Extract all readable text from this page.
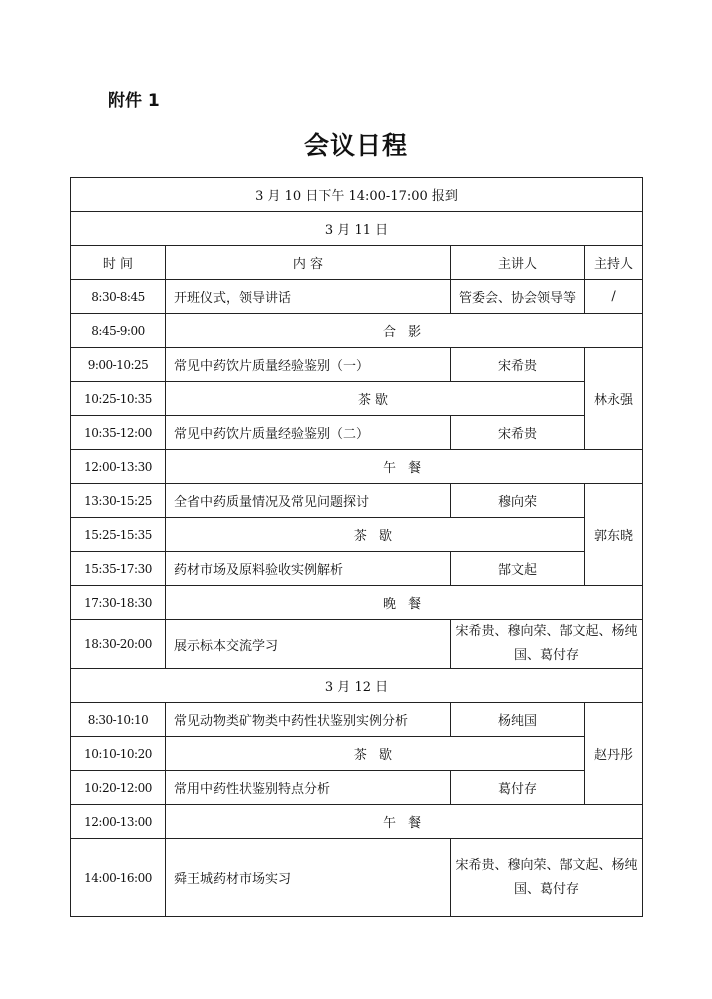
附件 1
会议日程
3 月 10 日下午 14:00-17:00 报到			
3 月 11 日			
时 间	内 容	主讲人	主持人
8:30-8:45	开班仪式，领导讲话	管委会、协会领导等	/
8:45-9:00	合 影		
9:00-10:25	常见中药饮片质量经验鉴别（一）	宋希贵	林永强
10:25-10:35	茶歇		
10:35-12:00	常见中药饮片质量经验鉴别（二）	宋希贵	
12:00-13:30	午 餐		
13:30-15:25	全省中药质量情况及常见问题探讨	穆向荣	郭东晓
15:25-15:35	茶 歇		
15:35-17:30	药材市场及原料验收实例解析	郜文起	
17:30-18:30	晚 餐		
18:30-20:00	展示标本交流学习	宋希贵、穆向荣、郜文起、杨纯国、葛付存	
3 月 12 日			
8:30-10:10	常见动物类矿物类中药性状鉴别实例分析	杨纯国	赵丹彤
10:10-10:20	茶 歇		
10:20-12:00	常用中药性状鉴别特点分析	葛付存	
12:00-13:00	午 餐		
14:00-16:00	舜王城药材市场实习	宋希贵、穆向荣、郜文起、杨纯国、葛付存	
